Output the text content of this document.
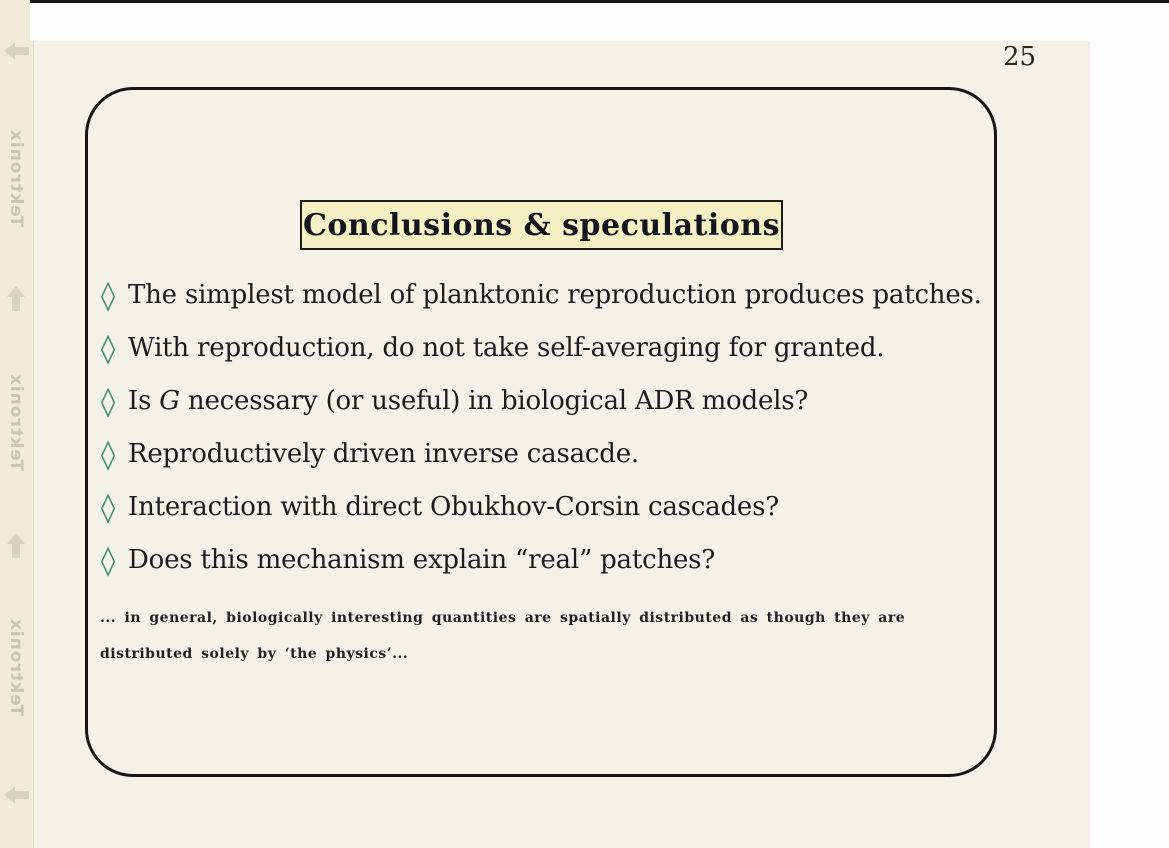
Tektronix
Tektronix
Tektronix
25
Conclusions & speculations
◊ The simplest model of planktonic reproduction produces patches.
◊ With reproduction, do not take self-averaging for granted.
◊ Is G necessary (or useful) in biological ADR models?
◊ Reproductively driven inverse casacde.
◊ Interaction with direct Obukhov-Corsin cascades?
◊ Does this mechanism explain “real” patches?
... in general, biologically interesting quantities are spatially distributed as though they are
distributed solely by ‘the physics’...
